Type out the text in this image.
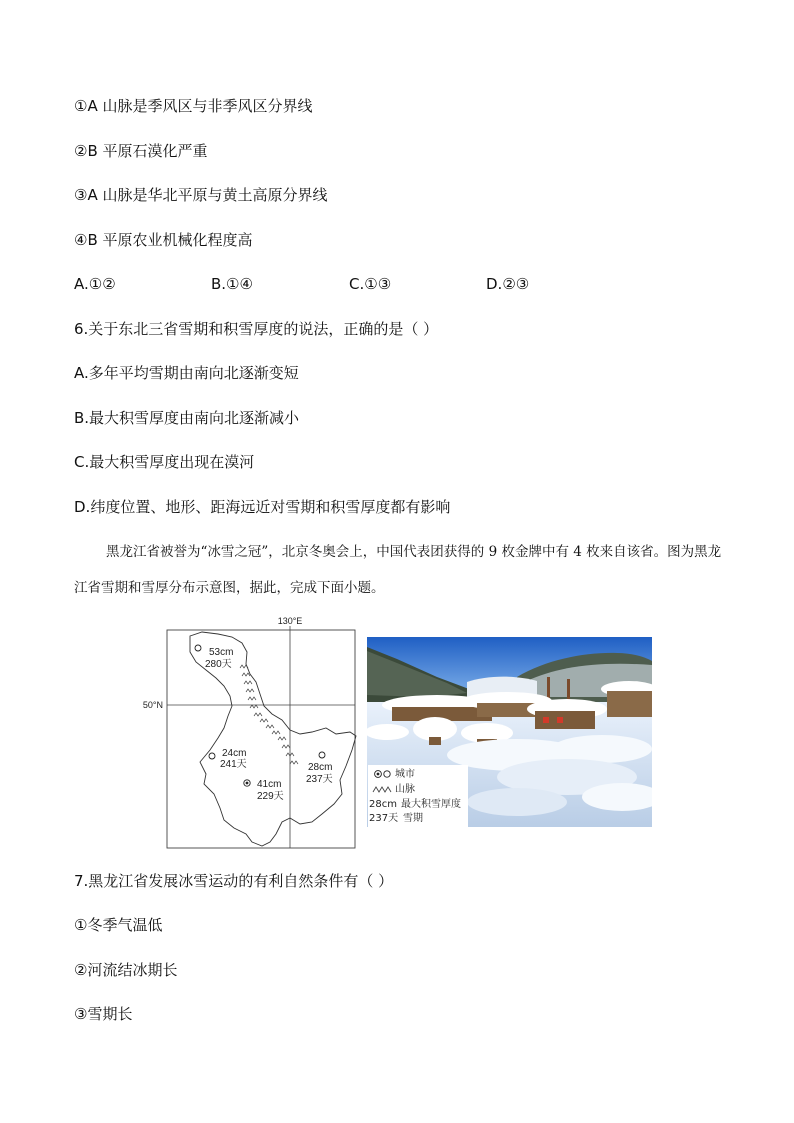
①A 山脉是季风区与非季风区分界线
②B 平原石漠化严重
③A 山脉是华北平原与黄土高原分界线
④B 平原农业机械化程度高
A.①②	B.①④	C.①③	D.②③
6.关于东北三省雪期和积雪厚度的说法，正确的是（ ）
A.多年平均雪期由南向北逐渐变短
B.最大积雪厚度由南向北逐渐减小
C.最大积雪厚度出现在漠河
D.纬度位置、地形、距海远近对雪期和积雪厚度都有影响
黑龙江省被誉为“冰雪之冠”，北京冬奥会上，中国代表团获得的 9 枚金牌中有 4 枚来自该省。图为黑龙江省雪期和雪厚分布示意图，据此，完成下面小题。
130°E
50°N
53cm
280天
24cm
241天
41cm
229天
28cm
237天	城市
山脉
28cm 最大积雪厚度
237天 雪期
7.黑龙江省发展冰雪运动的有利自然条件有（ ）
①冬季气温低
②河流结冰期长
③雪期长
